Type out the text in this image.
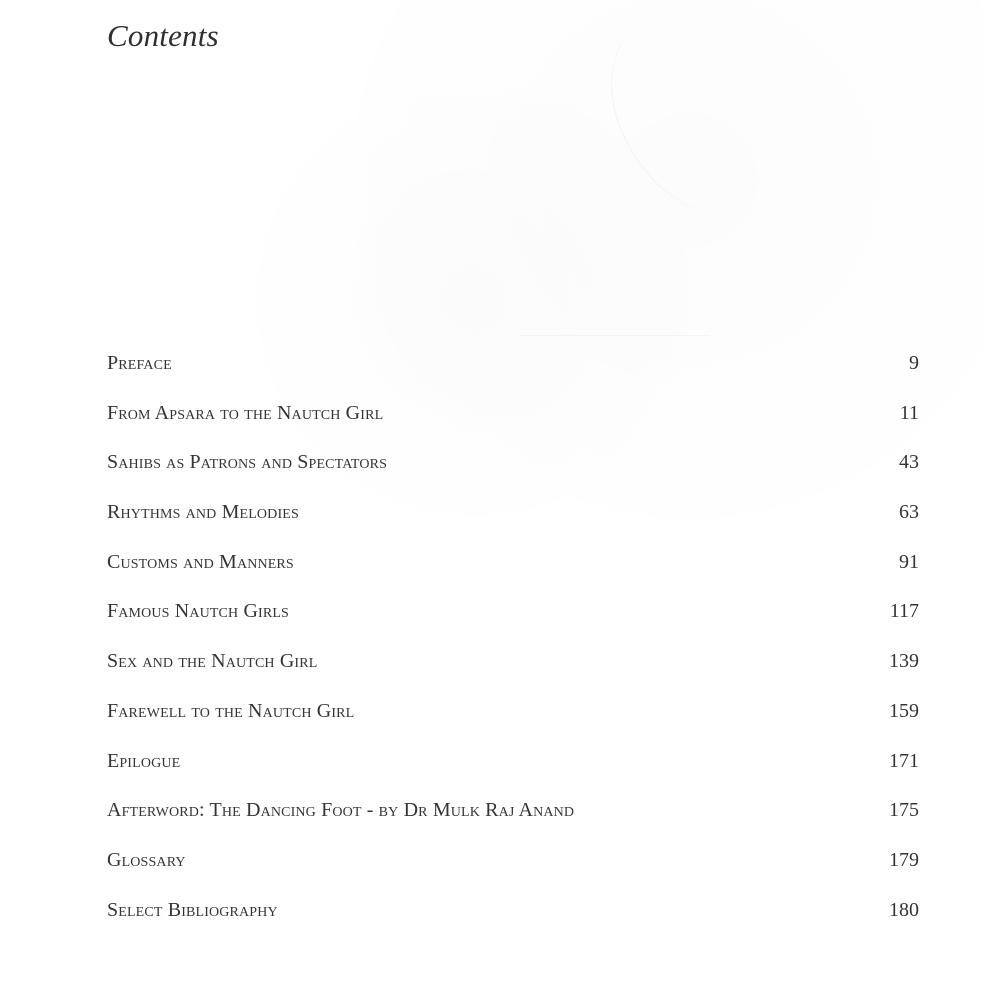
Contents
Preface	9
From Apsara to the Nautch Girl	11
Sahibs as Patrons and Spectators	43
Rhythms and Melodies	63
Customs and Manners	91
Famous Nautch Girls	117
Sex and the Nautch Girl	139
Farewell to the Nautch Girl	159
Epilogue	171
Afterword: The Dancing Foot - by Dr Mulk Raj Anand	175
Glossary	179
Select Bibliography	180
